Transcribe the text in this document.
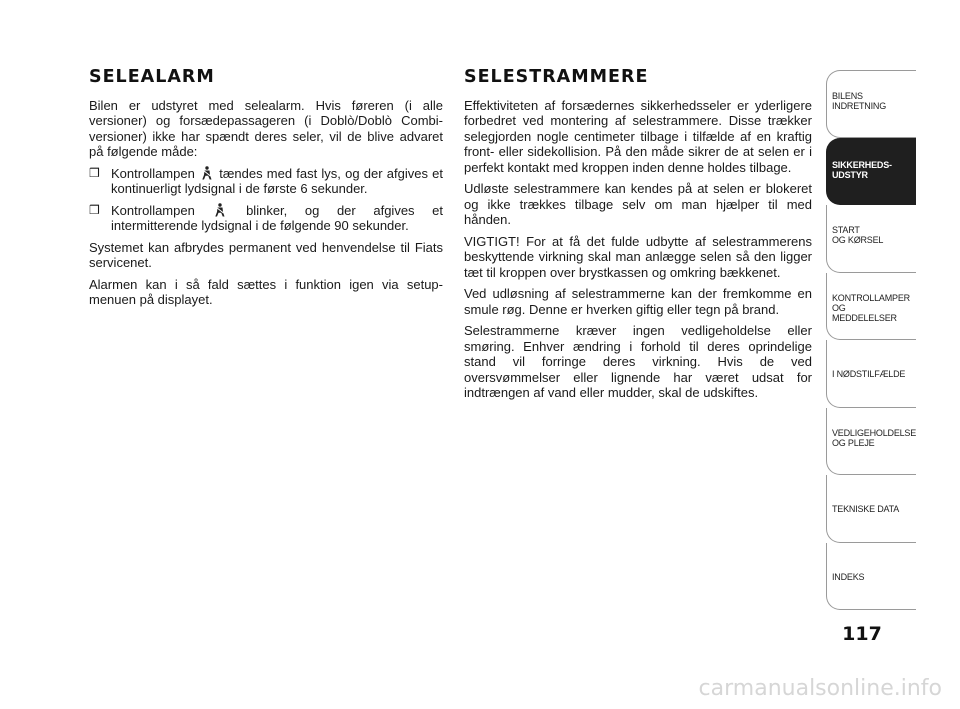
SELEALARM

Bilen er udstyret med selealarm. Hvis føreren (i alle versioner) og forsædepassageren (i Doblò/Doblò Combi-versioner) ikke har spændt deres seler, vil de blive advaret på følgende måde:

❒ Kontrollampen tændes med fast lys, og der afgives et kontinuerligt lydsignal i de første 6 sekunder.
❒ Kontrollampen	blinker, og der afgives et intermitterende lydsignal i de følgende 90 sekunder.

Systemet kan afbrydes permanent ved henvendelse til Fiats servicenet.

Alarmen kan i så fald sættes i funktion igen via setup-menuen på displayet.

SELESTRAMMERE

Effektiviteten af forsædernes sikkerhedsseler er yderligere forbedret ved montering af selestrammere. Disse trækker selegjorden nogle centimeter tilbage i tilfælde af en kraftig front- eller sidekollision. På den måde sikrer de at selen er i perfekt kontakt med kroppen inden denne holdes tilbage.

Udløste selestrammere kan kendes på at selen er blokeret og ikke trækkes tilbage selv om man hjælper til med hånden.

VIGTIGT! For at få det fulde udbytte af selestrammerens beskyttende virkning skal man anlægge selen så den ligger tæt til kroppen over brystkassen og omkring bækkenet.

Ved udløsning af selestrammerne kan der fremkomme en smule røg. Denne er hverken giftig eller tegn på brand.

Selestrammerne kræver ingen vedligeholdelse eller smøring. Enhver ændring i forhold til deres oprindelige stand vil forringe deres virkning. Hvis de ved oversvømmelser eller lignende har været udsat for indtrængen af vand eller mudder, skal de udskiftes.

BILENS
INDRETNING
SIKKERHEDS-
UDSTYR
START
OG KØRSEL
KONTROLLAMPER
OG MEDDELELSER
I NØDSTILFÆLDE
VEDLIGEHOLDELSE
OG PLEJE
TEKNISKE DATA
INDEKS
117
carmanualsonline.info
